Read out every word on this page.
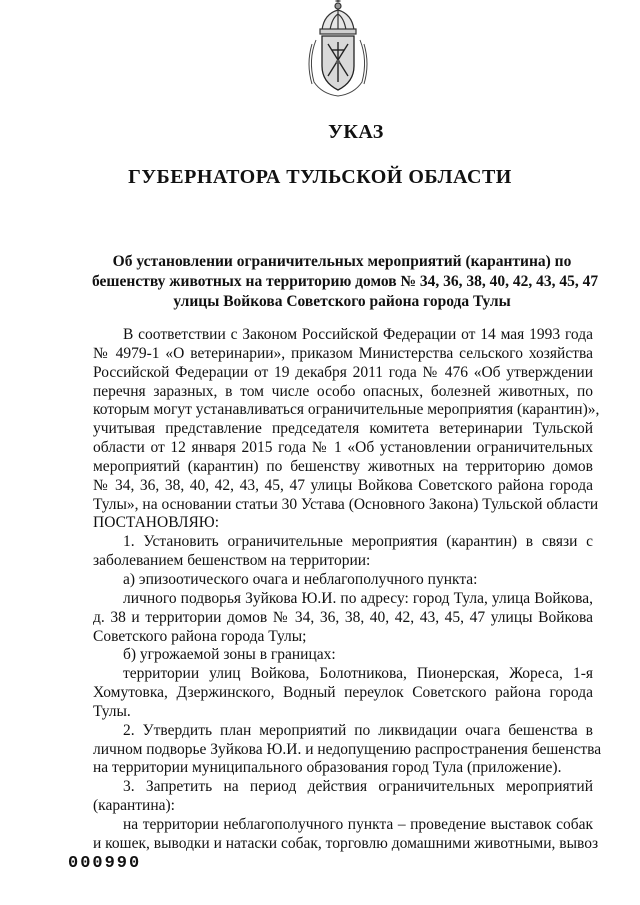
УКАЗ
ГУБЕРНАТОРА ТУЛЬСКОЙ ОБЛАСТИ
Об установлении ограничительных мероприятий (карантина) по
бешенству животных на территорию домов № 34, 36, 38, 40, 42, 43, 45, 47
улицы Войкова Советского района города Тулы
В соответствии с Законом Российской Федерации от 14 мая 1993 года
№ 4979-1 «О ветеринарии», приказом Министерства сельского хозяйства
Российской Федерации от 19 декабря 2011 года № 476 «Об утверждении
перечня заразных, в том числе особо опасных, болезней животных, по
которым могут устанавливаться ограничительные мероприятия (карантин)»,
учитывая представление председателя комитета ветеринарии Тульской
области от 12 января 2015 года № 1 «Об установлении ограничительных
мероприятий (карантин) по бешенству животных на территорию домов
№ 34, 36, 38, 40, 42, 43, 45, 47 улицы Войкова Советского района города
Тулы», на основании статьи 30 Устава (Основного Закона) Тульской области
ПОСТАНОВЛЯЮ:
1. Установить ограничительные мероприятия (карантин) в связи с
заболеванием бешенством на территории:
а) эпизоотического очага и неблагополучного пункта:
личного подворья Зуйкова Ю.И. по адресу: город Тула, улица Войкова,
д. 38 и территории домов № 34, 36, 38, 40, 42, 43, 45, 47 улицы Войкова
Советского района города Тулы;
б) угрожаемой зоны в границах:
территории улиц Войкова, Болотникова, Пионерская, Жореса, 1-я
Хомутовка, Дзержинского, Водный переулок Советского района города
Тулы.
2. Утвердить план мероприятий по ликвидации очага бешенства в
личном подворье Зуйкова Ю.И. и недопущению распространения бешенства
на территории муниципального образования город Тула (приложение).
3. Запретить на период действия ограничительных мероприятий
(карантина):
на территории неблагополучного пункта – проведение выставок собак
и кошек, выводки и натаски собак, торговлю домашними животными, вывоз
000990
